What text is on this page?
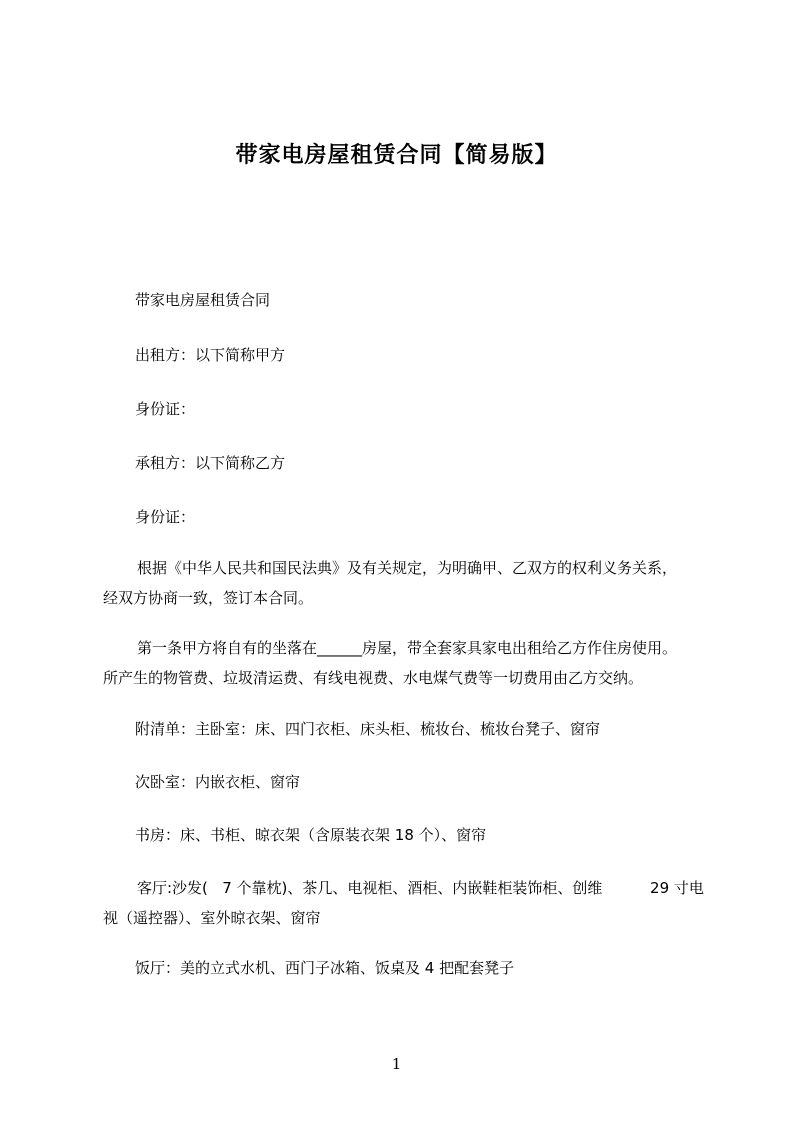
带家电房屋租赁合同【简易版】
带家电房屋租赁合同
出租方：以下简称甲方
身份证：
承租方：以下简称乙方
身份证：
根据《中华人民共和国民法典》及有关规定，为明确甲、乙双方的权利义务关系，
经双方协商一致，签订本合同。
第一条甲方将自有的坐落在______房屋，带全套家具家电出租给乙方作住房使用。
所产生的物管费、垃圾清运费、有线电视费、水电煤气费等一切费用由乙方交纳。
附清单：主卧室：床、四门衣柜、床头柜、梳妆台、梳妆台凳子、窗帘
次卧室：内嵌衣柜、窗帘
书房：床、书柜、晾衣架（含原装衣架 18 个）、窗帘
客厅:沙发(   7 个靠枕)、茶几、电视柜、酒柜、内嵌鞋柜装饰柜、创维          29 寸电
视（遥控器）、室外晾衣架、窗帘
饭厅：美的立式水机、西门子冰箱、饭桌及 4 把配套凳子
1
